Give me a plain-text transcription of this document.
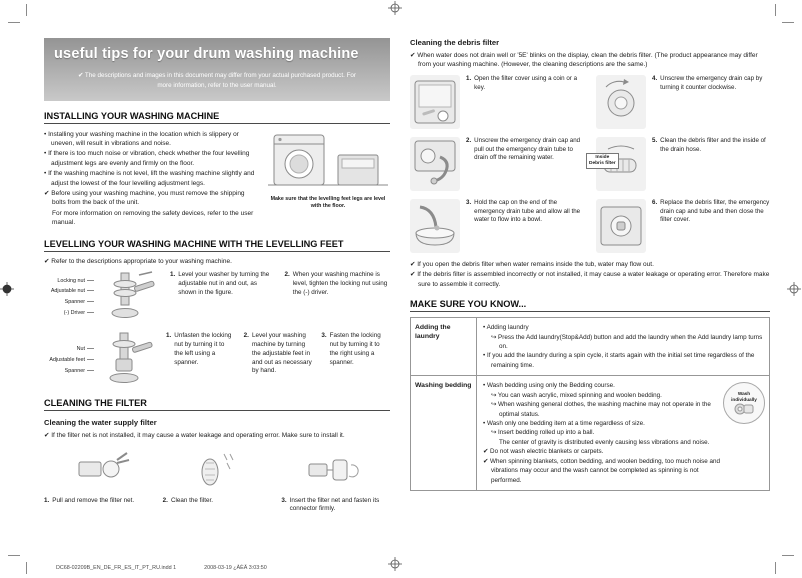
useful tips for your drum washing machine
✔ The descriptions and images in this document may differ from your actual purchased product. For more information, refer to the user manual.
INSTALLING YOUR WASHING MACHINE
Make sure that the levelling feet legs are level with the floor.

• Installing your washing machine in the location which is slippery or uneven, will result in vibrations and noise.

• If there is too much noise or vibration, check whether the four levelling adjustment legs are evenly and firmly on the floor.

• If the washing machine is not level, lift the washing machine slightly and adjust the lowest of the four levelling adjustment legs.

✔ Before using your washing machine, you must remove the shipping bolts from the back of the unit.

For more information on removing the safety devices, refer to the user manual.

LEVELLING YOUR WASHING MACHINE WITH THE LEVELLING FEET

✔ Refer to the descriptions appropriate to your washing machine.

Locking nut
Adjustable nut
Spanner
(-) Driver
1. Level your washer by turning the adjustable nut in and out, as shown in the figure.
2. When your washing machine is level, tighten the locking nut using the (-) driver.
Nut
Adjustable feet
Spanner
1. Unfasten the locking nut by turning it to the left using a spanner.
2. Level your washing machine by turning the adjustable feet in and out as necessary by hand.
3. Fasten the locking nut by turning it to the right using a spanner.
CLEANING THE FILTER
Cleaning the water supply filter

✔ If the filter net is not installed, it may cause a water leakage and operating error. Make sure to install it.

1. Pull and remove the filter net.	2. Clean the filter.	3. Insert the filter net and fasten its connector firmly.
Cleaning the debris filter

✔ When water does not drain well or '5E' blinks on the display, clean the debris filter. (The product appearance may differ from your washing machine. (However, the cleaning descriptions are the same.)

1. Open the filter cover using a coin or a key.
4. Unscrew the emergency drain cap by turning it counter clockwise.
2. Unscrew the emergency drain cap and pull out the emergency drain tube to drain off the remaining water.	Inside
Debris filter
5. Clean the debris filter and the inside of the drain hose.
3. Hold the cap on the end of the emergency drain tube and allow all the water to flow into a bowl.
6. Replace the debris filter, the emergency drain cap and tube and then close the filter cover.

✔ If you open the debris filter when water remains inside the tub, water may flow out.

✔ If the debris filter is assembled incorrectly or not installed, it may cause a water leakage or operating error. Therefore make sure to assemble it correctly.

MAKE SURE YOU KNOW...
Adding the laundry
• Adding laundry
↪ Press the Add laundry(Stop&Add) button and add the laundry when the Add laundry lamp turns on.
• If you add the laundry during a spin cycle, it starts again with the initial set time regardless of the remaining time.
Washing bedding	• Wash bedding using only the Bedding course.
↪ You can wash acrylic, mixed spinning and woolen bedding.
↪ When washing general clothes, the washing machine may not operate in the optimal status.
• Wash only one bedding item at a time regardless of size.
↪ Insert bedding rolled up into a ball.
The center of gravity is distributed evenly causing less vibrations and noise.
✔ Do not wash electric blankets or carpets.
✔ When spinning blankets, cotton bedding, and woolen bedding, too much noise and vibrations may occur and the wash cannot be completed as spinning is not performed.
Wash individually
DC68-02209B_EN_DE_FR_ES_IT_PT_RU.indd 1	2008-03-19 ¿ÀÈÄ 3:03:50
